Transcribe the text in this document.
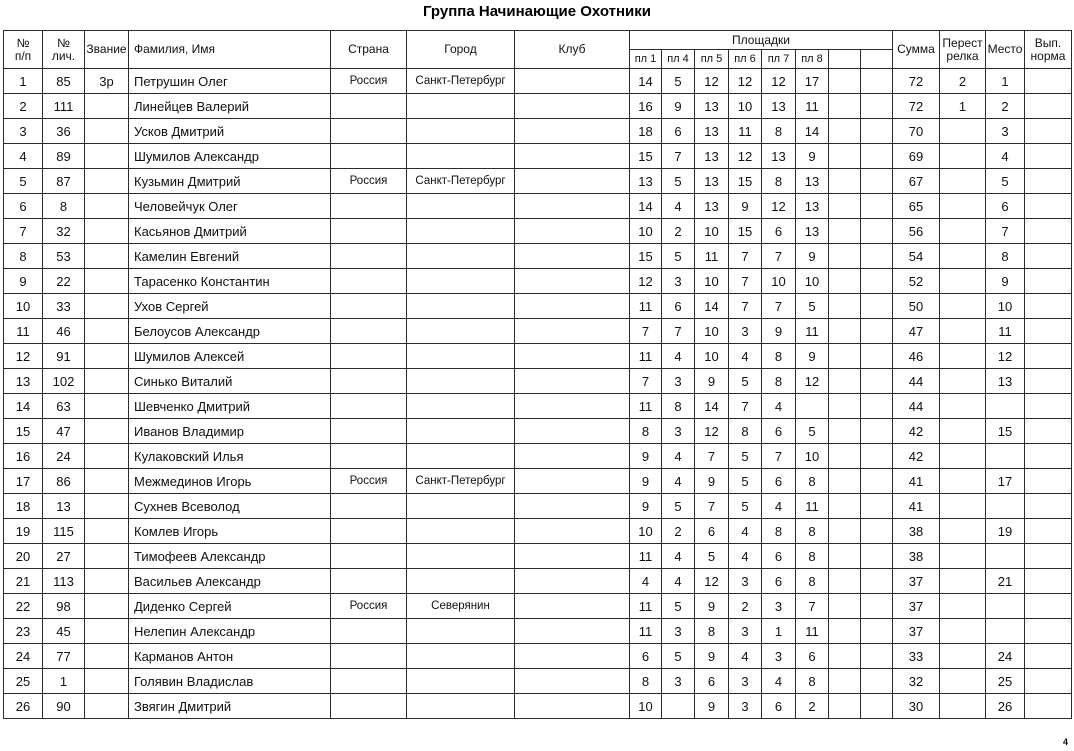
Группа Начинающие Охотники
№
п/п	№
лич.	Звание	Фамилия, Имя	Страна	Город	Клуб	Площадки								Сумма	Перест
релка	Место	Вып.
норма
							пл 1	пл 4	пл 5	пл 6	пл 7	пл 8						
1	85	3р	Петрушин Олег	Россия	Санкт-Петербург		14	5	12	12	12	17			72	2	1	
2	111		Линейцев Валерий				16	9	13	10	13	11			72	1	2	
3	36		Усков Дмитрий				18	6	13	11	8	14			70		3	
4	89		Шумилов Александр				15	7	13	12	13	9			69		4	
5	87		Кузьмин Дмитрий	Россия	Санкт-Петербург		13	5	13	15	8	13			67		5	
6	8		Человейчук Олег				14	4	13	9	12	13			65		6	
7	32		Касьянов Дмитрий				10	2	10	15	6	13			56		7	
8	53		Камелин Евгений				15	5	11	7	7	9			54		8	
9	22		Тарасенко Константин				12	3	10	7	10	10			52		9	
10	33		Ухов Сергей				11	6	14	7	7	5			50		10	
11	46		Белоусов Александр				7	7	10	3	9	11			47		11	
12	91		Шумилов Алексей				11	4	10	4	8	9			46		12	
13	102		Синько Виталий				7	3	9	5	8	12			44		13	
14	63		Шевченко Дмитрий				11	8	14	7	4				44			
15	47		Иванов Владимир				8	3	12	8	6	5			42		15	
16	24		Кулаковский Илья				9	4	7	5	7	10			42			
17	86		Межмединов Игорь	Россия	Санкт-Петербург		9	4	9	5	6	8			41		17	
18	13		Сухнев Всеволод				9	5	7	5	4	11			41			
19	115		Комлев Игорь				10	2	6	4	8	8			38		19	
20	27		Тимофеев Александр				11	4	5	4	6	8			38			
21	113		Васильев Александр				4	4	12	3	6	8			37		21	
22	98		Диденко Сергей	Россия	Северянин		11	5	9	2	3	7			37			
23	45		Нелепин Александр				11	3	8	3	1	11			37			
24	77		Карманов Антон				6	5	9	4	3	6			33		24	
25	1		Голявин Владислав				8	3	6	3	4	8			32		25	
26	90		Звягин Дмитрий				10		9	3	6	2			30		26	
4
